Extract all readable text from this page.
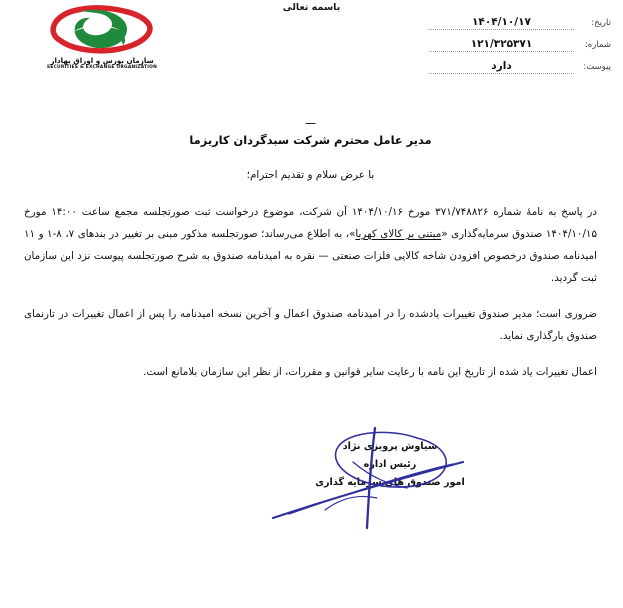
باسمه تعالی
تاریخ:
۱۴۰۴/۱۰/۱۷
شماره:
۱۲۱/۳۲۵۳۷۱
پیوست:
دارد
سازمان بورس و اوراق بهادار
SECURITIES & EXCHANGE ORGANIZATION
ـــ
مدیر عامل محترم شرکت سبدگردان کاریزما
با عرض سلام و تقدیم احترام؛

در پاسخ به نامهٔ شماره ۳۷۱/۷۴۸۸۲۶ مورخ ۱۴۰۴/۱۰/۱۶ آن شرکت، موضوع درخواست ثبت صورتجلسه مجمع ساعت ۱۴:۰۰ مورخ ۱۴۰۴/۱۰/۱۵ صندوق سرمایه‌گذاری «مبتنی بر کالای کهربا»، به اطلاع می‌رساند؛ صورتجلسه مذکور مبنی بر تغییر در بندهای ۷، ۸-۱ و ۱۱ امیدنامه صندوق درخصوص افزودن شاخه کالایی فلزات صنعتی — نقره به امیدنامه صندوق به شرح صورتجلسه پیوست نزد این سازمان ثبت گردید.

ضروری است؛ مدیر صندوق تغییرات یادشده را در امیدنامه صندوق اعمال و آخرین نسخه امیدنامه را پس از اعمال تغییرات در تارنمای صندوق بارگذاری نماید.

اعمال تغییرات یاد شده از تاریخ این نامه با رعایت سایر قوانین و مقررات، از نظر این سازمان بلامانع است.

سیاوش پرویزی نژاد
رئیس اداره
امور صندوق های سرمایه گذاری
